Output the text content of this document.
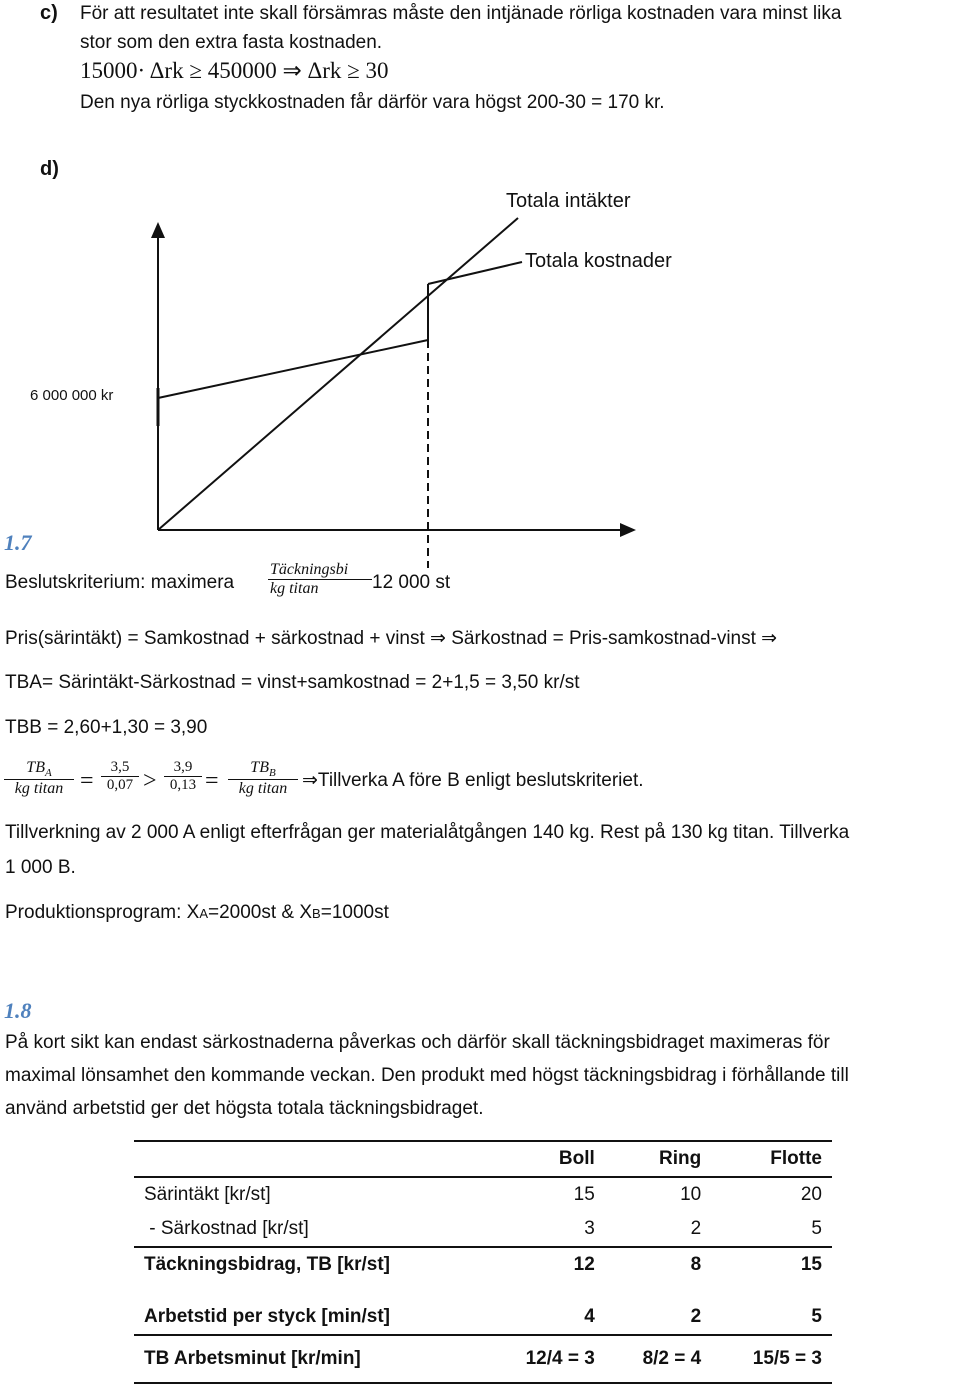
c) För att resultatet inte skall försämras måste den intjänade rörliga kostnaden vara minst lika
stor som den extra fasta kostnaden.
15000· Δrk ≥ 450000 ⇒ Δrk ≥ 30
Den nya rörliga styckkostnaden får därför vara högst 200-30 = 170 kr.
d)
Totala intäkter
Totala kostnader
6 000 000 kr
1.7
Beslutskriterium: maximera
Täckningsbi
kg titan	12 000 st
Pris(särintäkt) = Samkostnad + särkostnad + vinst ⇒ Särkostnad = Pris-samkostnad-vinst ⇒
TBA= Särintäkt-Särkostnad = vinst+samkostnad = 2+1,5 = 3,50 kr/st
TBB = 2,60+1,30 = 3,90
$TB_A$
kg $titan = \frac{3,5}{0,07} > \frac{3,9}{0,13}$ =
$TB_B$
kg titan ⇒Tillverka A före B enligt beslutskriteriet.
Tillverkning av 2 000 A enligt efterfrågan ger materialåtgången 140 kg. Rest på 130 kg titan. Tillverka
1 000 B.
Produktionsprogram: XA=2000st & XB=1000st
1.8
På kort sikt kan endast särkostnaderna påverkas och därför skall täckningsbidraget maximeras för
maximal lönsamhet den kommande veckan. Den produkt med högst täckningsbidrag i förhållande till
använd arbetstid ger det högsta totala täckningsbidraget.
	Boll	Ring	Flotte
Särintäkt [kr/st]	15	10	20
- Särkostnad [kr/st]	3	2	5
Täckningsbidrag, TB [kr/st]	12	8	15
Arbetstid per styck [min/st]	4	2	5
TB Arbetsminut [kr/min]	12/4 = 3	8/2 = 4	15/5 = 3
